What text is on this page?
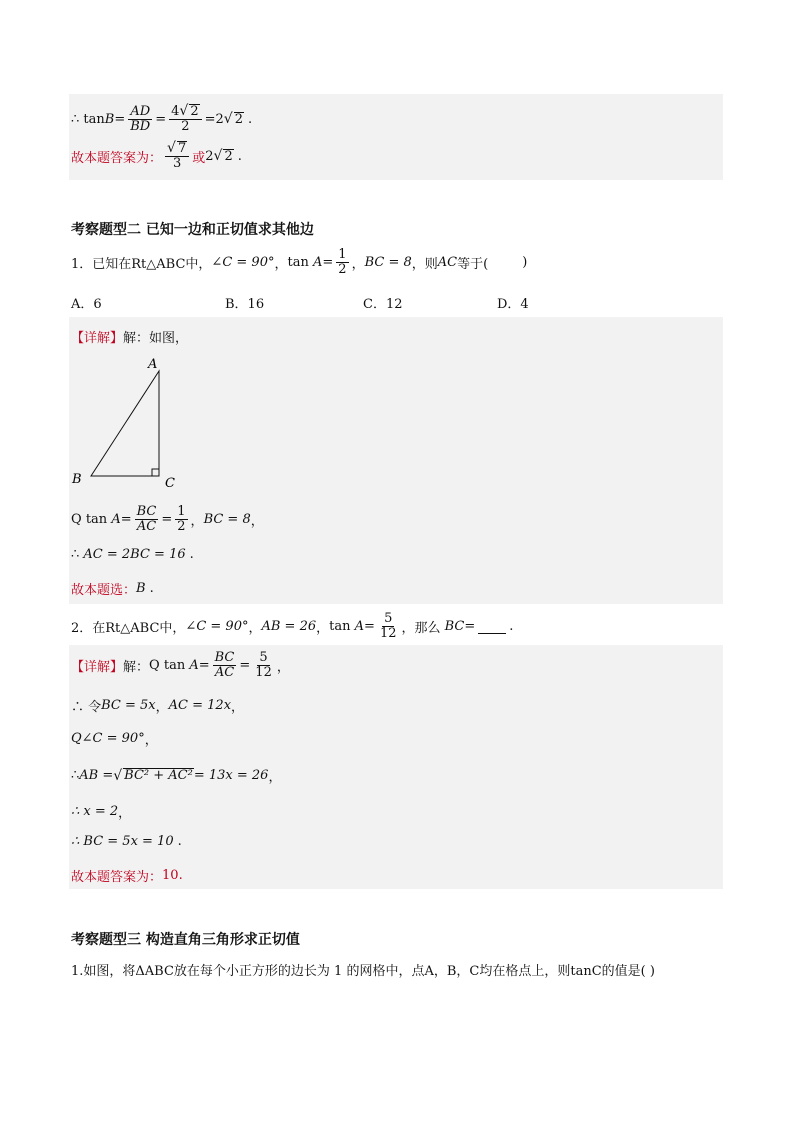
∴ $\tan B = \frac{AD}{BD} = \frac{4√ 2}{2} = 2$ √ 2 .
故本题答案为： $\frac{√ 7}{3}$ 或 2 √ 2 .
考察题型二 已知一边和正切值求其他边
1．已知在Rt△ABC中， ∠C = 90° ， tan
$A = \frac{1}{2}$ ， BC = 8 ，则 AC 等于(	)
A．6	B．16	C．12	D．4
【详解】 解：如图，
A
B	C
Q
tan
$A = \frac{BC}{AC} = \frac{1}{2}$ ， BC = 8 ，
∴ AC = 2BC = 16 .
故本题选： B .
2．在Rt△ABC中， ∠C = 90° ， AB = 26 ， tan
$A = \frac{5}{12}$ ，那么
BC =	.
【详解】 解： Q
tan
$A = \frac{BC}{AC} = \frac{5}{12}$ ，
∴ 令 BC = 5x ， AC = 12x ，
Q∠C = 90° ，
∴ AB = √ BC² + AC² = 13x = 26 ，
∴ x = 2 ，
∴ BC = 5x = 10 .
故本题答案为： 10 .
考察题型三 构造直角三角形求正切值
1.如图，将ΔABC放在每个小正方形的边长为 1 的网格中，点A，B，C均在格点上，则tanC的值是( )
